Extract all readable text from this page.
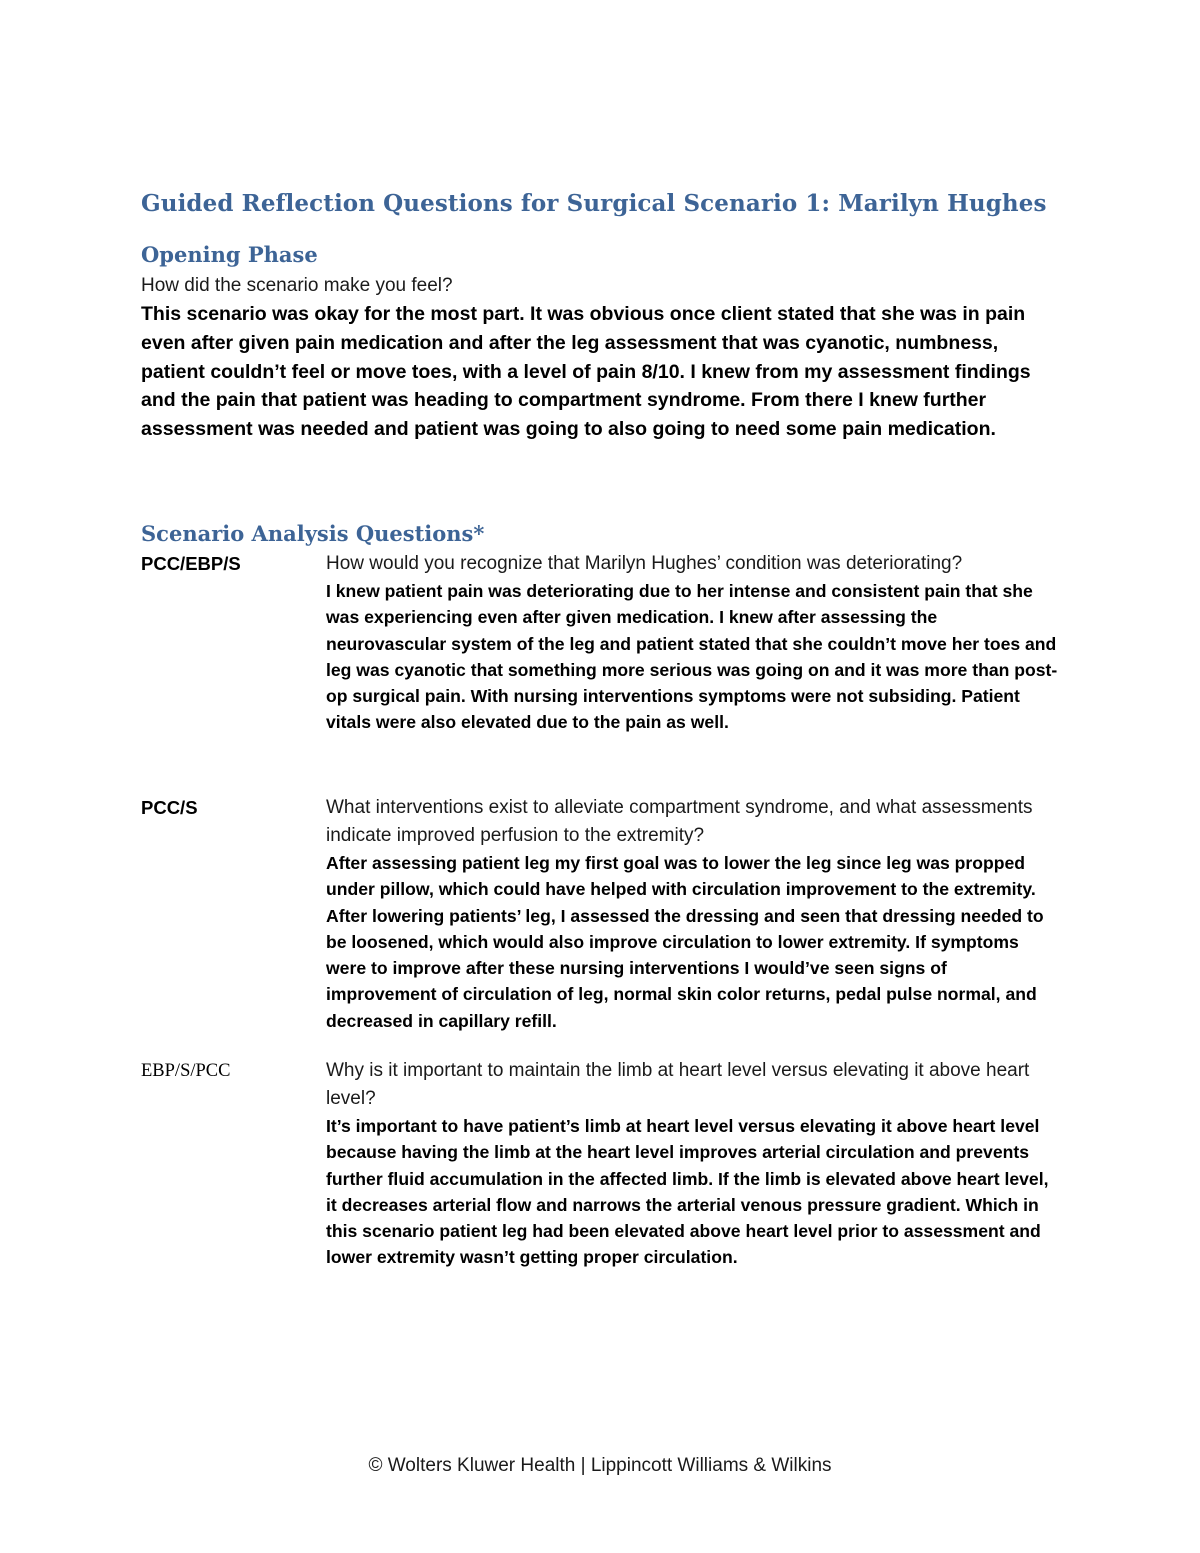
Guided Reflection Questions for Surgical Scenario 1: Marilyn Hughes
Opening Phase

How did the scenario make you feel?

This scenario was okay for the most part. It was obvious once client stated that she was in pain even after given pain medication and after the leg assessment that was cyanotic, numbness, patient couldn’t feel or move toes, with a level of pain 8/10. I knew from my assessment findings and the pain that patient was heading to compartment syndrome. From there I knew further assessment was needed and patient was going to also going to need some pain medication.

Scenario Analysis Questions*
PCC/EBP/S	How would you recognize that Marilyn Hughes’ condition was deteriorating?

I knew patient pain was deteriorating due to her intense and consistent pain that she was experiencing even after given medication. I knew after assessing the neurovascular system of the leg and patient stated that she couldn’t move her toes and leg was cyanotic that something more serious was going on and it was more than post-op surgical pain. With nursing interventions symptoms were not subsiding. Patient vitals were also elevated due to the pain as well.

PCC/S	What interventions exist to alleviate compartment syndrome, and what assessments indicate improved perfusion to the extremity?

After assessing patient leg my first goal was to lower the leg since leg was propped under pillow, which could have helped with circulation improvement to the extremity. After lowering patients’ leg, I assessed the dressing and seen that dressing needed to be loosened, which would also improve circulation to lower extremity. If symptoms were to improve after these nursing interventions I would’ve seen signs of improvement of circulation of leg, normal skin color returns, pedal pulse normal, and decreased in capillary refill.

EBP/S/PCC	Why is it important to maintain the limb at heart level versus elevating it above heart level?

It’s important to have patient’s limb at heart level versus elevating it above heart level because having the limb at the heart level improves arterial circulation and prevents further fluid accumulation in the affected limb. If the limb is elevated above heart level, it decreases arterial flow and narrows the arterial venous pressure gradient. Which in this scenario patient leg had been elevated above heart level prior to assessment and lower extremity wasn’t getting proper circulation.

© Wolters Kluwer Health | Lippincott Williams & Wilkins
